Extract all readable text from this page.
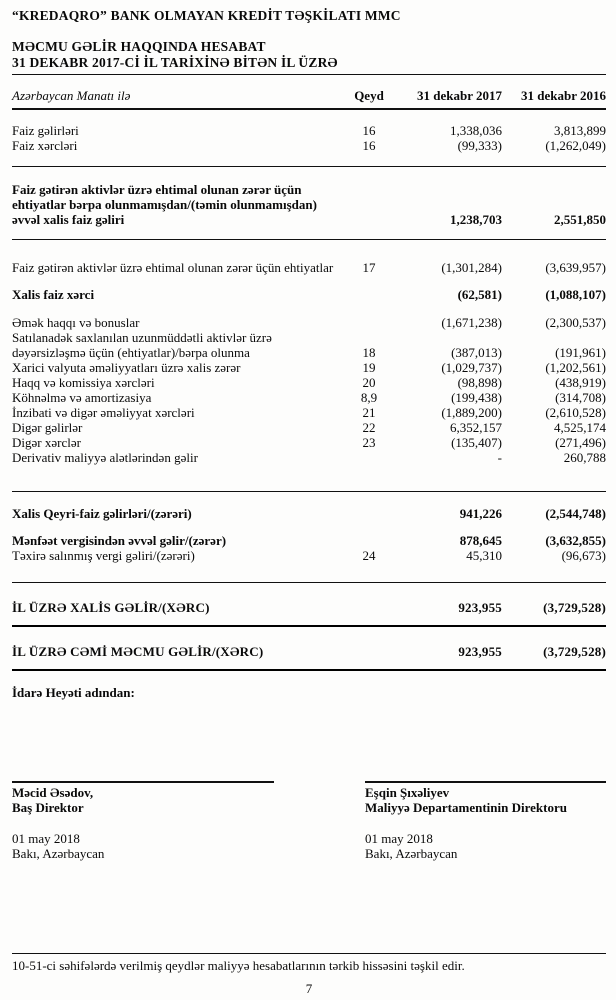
“KREDAQRO” BANK OLMAYAN KREDİT TƏŞKİLATI MMC
MƏCMU GƏLİR HAQQINDA HESABAT
31 DEKABR 2017-Cİ İL TARİXİNƏ BİTƏN İL ÜZRƏ
Azərbaycan Manatı ilə	Qeyd	31 dekabr 2017	31 dekabr 2016
Faiz gəlirləri	16	1,338,036	3,813,899
Faiz xərcləri	16	(99,333)	(1,262,049)
Faiz gətirən aktivlər üzrə ehtimal olunan zərər üçün ehtiyatlar bərpa olunmamışdan/(təmin olunmamışdan) əvvəl xalis faiz gəliri	1,238,703	2,551,850
Faiz gətirən aktivlər üzrə ehtimal olunan zərər üçün ehtiyatlar	17	(1,301,284)	(3,639,957)
Xalis faiz xərci	(62,581)	(1,088,107)
Əmək haqqı və bonuslar	(1,671,238)	(2,300,537)
Satılanadək saxlanılan uzunmüddətli aktivlər üzrə dəyərsizləşmə üçün (ehtiyatlar)/bərpa olunma	18	(387,013)	(191,961)
Xarici valyuta əməliyyatları üzrə xalis zərər	19	(1,029,737)	(1,202,561)
Haqq və komissiya xərcləri	20	(98,898)	(438,919)
Köhnəlmə və amortizasiya	8,9	(199,438)	(314,708)
İnzibati və digər əməliyyat xərcləri	21	(1,889,200)	(2,610,528)
Digər gəlirlər	22	6,352,157	4,525,174
Digər xərclər	23	(135,407)	(271,496)
Derivativ maliyyə alətlərindən gəlir	-	260,788
Xalis Qeyri-faiz gəlirləri/(zərəri)	941,226	(2,544,748)
Mənfəət vergisindən əvvəl gəlir/(zərər)	878,645	(3,632,855)
Təxirə salınmış vergi gəliri/(zərəri)	24	45,310	(96,673)
İL ÜZRƏ XALİS GƏLİR/(XƏRC)	923,955	(3,729,528)
İL ÜZRƏ CƏMİ MƏCMU GƏLİR/(XƏRC)	923,955	(3,729,528)
İdarə Heyəti adından:
Məcid Əsədov,
Baş Direktor
01 may 2018
Bakı, Azərbaycan
Eşqin Şıxəliyev
Maliyyə Departamentinin Direktoru
01 may 2018
Bakı, Azərbaycan
10-51-ci səhifələrdə verilmiş qeydlər maliyyə hesabatlarının tərkib hissəsini təşkil edir.
7
